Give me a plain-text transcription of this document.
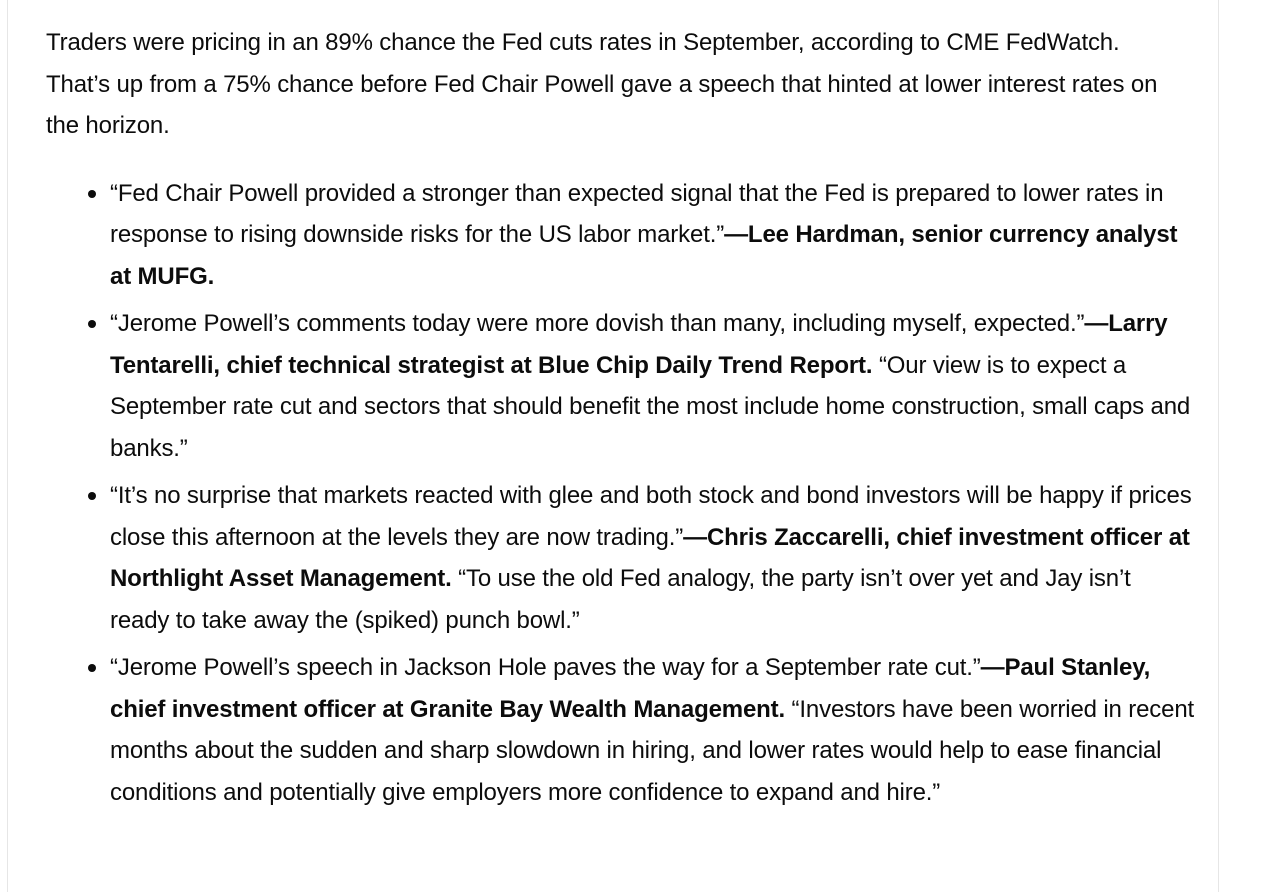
Traders were pricing in an 89% chance the Fed cuts rates in September, according to CME FedWatch. That’s up from a 75% chance before Fed Chair Powell gave a speech that hinted at lower interest rates on the horizon.

“Fed Chair Powell provided a stronger than expected signal that the Fed is prepared to lower rates in response to rising downside risks for the US labor market.”—Lee Hardman, senior currency analyst at MUFG.
“Jerome Powell’s comments today were more dovish than many, including myself, expected.”—Larry Tentarelli, chief technical strategist at Blue Chip Daily Trend Report. “Our view is to expect a September rate cut and sectors that should benefit the most include home construction, small caps and banks.”
“It’s no surprise that markets reacted with glee and both stock and bond investors will be happy if prices close this afternoon at the levels they are now trading.”—Chris Zaccarelli, chief investment officer at Northlight Asset Management. “To use the old Fed analogy, the party isn’t over yet and Jay isn’t ready to take away the (spiked) punch bowl.”
“Jerome Powell’s speech in Jackson Hole paves the way for a September rate cut.”—Paul Stanley, chief investment officer at Granite Bay Wealth Management. “Investors have been worried in recent months about the sudden and sharp slowdown in hiring, and lower rates would help to ease financial conditions and potentially give employers more confidence to expand and hire.”
